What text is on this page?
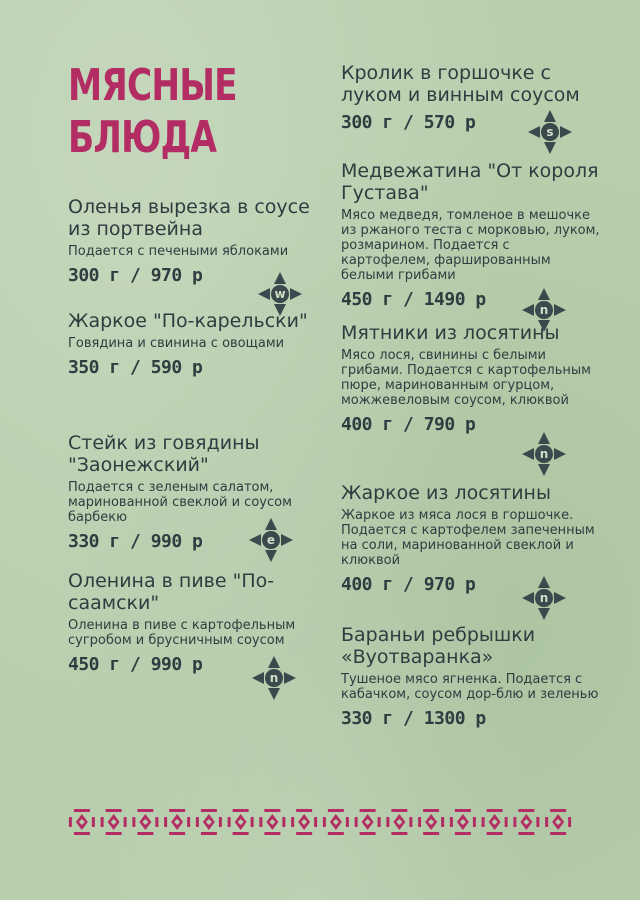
МЯСНЫЕ БЛЮДА
Оленья вырезка в соусе из портвейна
Подается с печеными яблоками
300 г / 970 р
w
Жаркое "По-карельски"
Говядина и свинина с овощами
350 г / 590 р
Стейк из говядины "Заонежский"
Подается с зеленым салатом, маринованной свеклой и соусом барбекю
330 г / 990 р	e
Оленина в пиве "По-саамски"
Оленина в пиве с картофельным сугробом и брусничным соусом
450 г / 990 р
n
Кролик в горшочке с луком и винным соусом
300 г / 570 р	s
Медвежатина "От короля Густава"
Мясо медведя, томленое в мешочке из ржаного теста с морковью, луком, розмарином. Подается с картофелем, фаршированным белыми грибами
450 г / 1490 р	n
Мятники из лосятины
Мясо лося, свинины с белыми грибами. Подается с картофельным пюре, маринованным огурцом, можжевеловым соусом, клюквой
400 г / 790 р
n
Жаркое из лосятины
Жаркое из мяса лося в горшочке. Подается с картофелем запеченным на соли, маринованной свеклой и клюквой
400 г / 970 р
n
Бараньи ребрышки «Вуотваранка»
Тушеное мясо ягненка. Подается с кабачком, соусом дор-блю и зеленью
330 г / 1300 р
